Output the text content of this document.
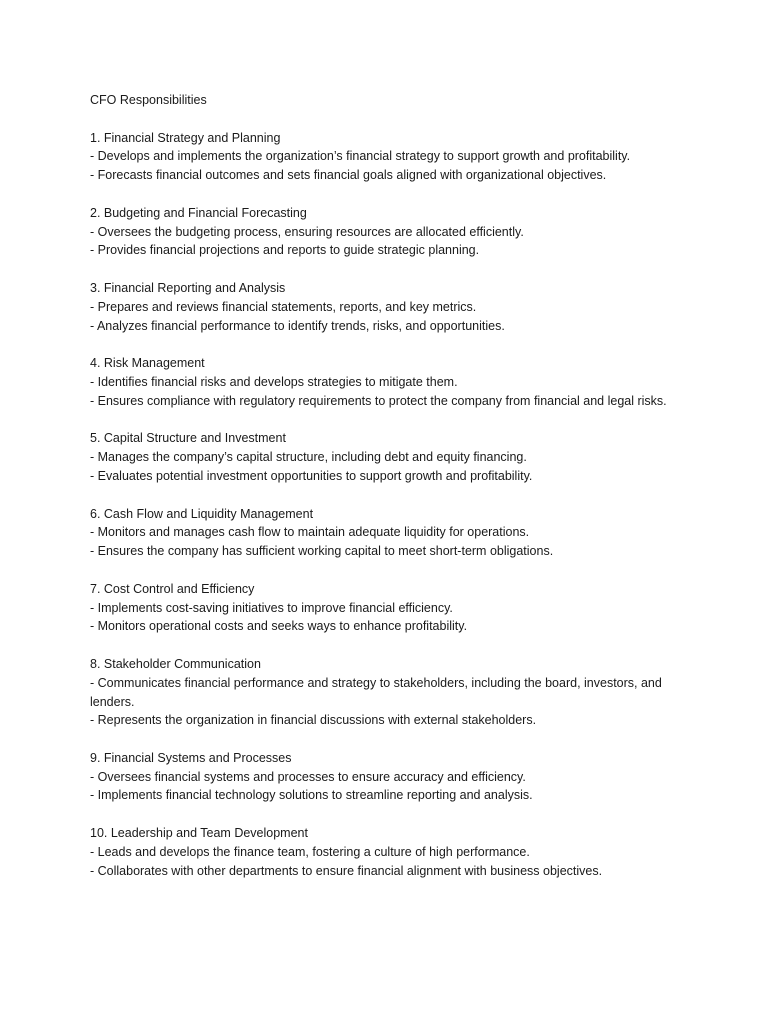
CFO Responsibilities

1. Financial Strategy and Planning

- Develops and implements the organization’s financial strategy to support growth and profitability.

- Forecasts financial outcomes and sets financial goals aligned with organizational objectives.

2. Budgeting and Financial Forecasting

- Oversees the budgeting process, ensuring resources are allocated efficiently.

- Provides financial projections and reports to guide strategic planning.

3. Financial Reporting and Analysis

- Prepares and reviews financial statements, reports, and key metrics.

- Analyzes financial performance to identify trends, risks, and opportunities.

4. Risk Management

- Identifies financial risks and develops strategies to mitigate them.

- Ensures compliance with regulatory requirements to protect the company from financial and legal risks.

5. Capital Structure and Investment

- Manages the company’s capital structure, including debt and equity financing.

- Evaluates potential investment opportunities to support growth and profitability.

6. Cash Flow and Liquidity Management

- Monitors and manages cash flow to maintain adequate liquidity for operations.

- Ensures the company has sufficient working capital to meet short-term obligations.

7. Cost Control and Efficiency

- Implements cost-saving initiatives to improve financial efficiency.

- Monitors operational costs and seeks ways to enhance profitability.

8. Stakeholder Communication

- Communicates financial performance and strategy to stakeholders, including the board, investors, and lenders.

- Represents the organization in financial discussions with external stakeholders.

9. Financial Systems and Processes

- Oversees financial systems and processes to ensure accuracy and efficiency.

- Implements financial technology solutions to streamline reporting and analysis.

10. Leadership and Team Development

- Leads and develops the finance team, fostering a culture of high performance.

- Collaborates with other departments to ensure financial alignment with business objectives.
